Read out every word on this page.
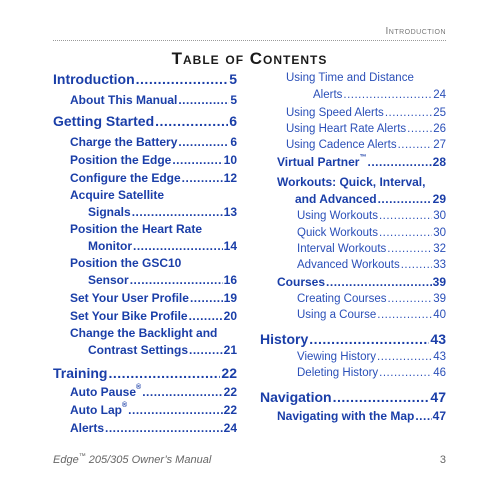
Introduction
Table of Contents
Introduction .....	5
About This Manual .....	5
Getting Started .....	6
Charge the Battery .....	6
Position the Edge .....	10
Configure the Edge .....	12
Acquire Satellite
Signals .....	13
Position the Heart Rate
Monitor .....	14
Position the GSC10
Sensor .....	16
Set Your User Profile .....	19
Set Your Bike Profile .....	20
Change the Backlight and
Contrast Settings .....	21
Training .....	22
Auto Pause® .....	22
Auto Lap® .....	22
Alerts .....	24
Using Time and Distance
Alerts .....	24
Using Speed Alerts .....	25
Using Heart Rate Alerts ..... 26
Using Cadence Alerts .....	27
Virtual Partner™ .....	28
Workouts: Quick, Interval,
and Advanced .....	29
Using Workouts .....	30
Quick Workouts .....	30
Interval Workouts .....	32
Advanced Workouts .....	33
Courses .....	39
Creating Courses .....	39
Using a Course .....	40
History .....	43
Viewing History .....	43
Deleting History .....	46
Navigation .....	47
Navigating with the Map ..... 47
Edge™ 205/305 Owner’s Manual	3
